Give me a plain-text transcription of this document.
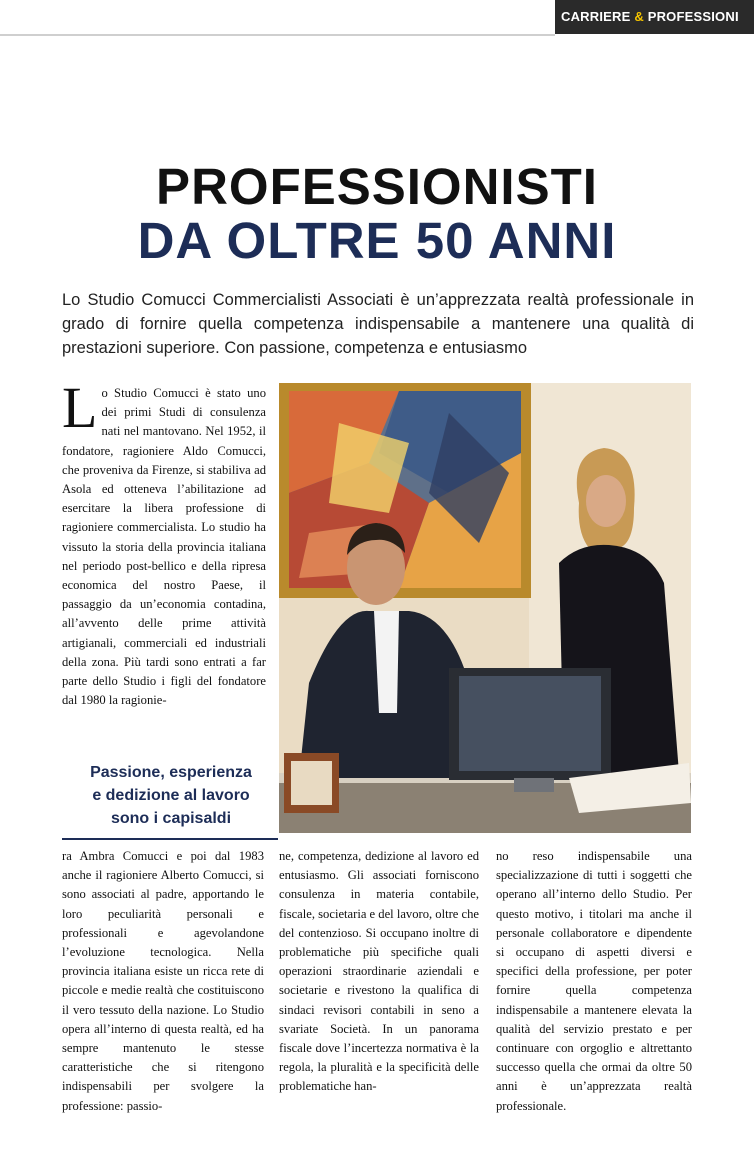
CARRIERE & PROFESSIONI
PROFESSIONISTI
DA OLTRE 50 ANNI

Lo Studio Comucci Commercialisti Associati è un’apprezzata realtà professionale in grado di fornire quella competenza indispensabile a mantenere una qualità di prestazioni superiore. Con passione, competenza e entusiasmo

L o Studio Comucci è stato uno dei primi Studi di consulenza nati nel mantovano. Nel 1952, il fondatore, ragioniere Aldo Comucci, che proveniva da Firenze, si stabiliva ad Asola ed otteneva l’abilitazione ad esercitare la libera professione di ragioniere commercialista. Lo studio ha vissuto la storia della provincia italiana nel periodo post-bellico e della ripresa economica del nostro Paese, il passaggio da un’economia contadina, all’avvento delle prime attività artigianali, commerciali ed industriali della zona. Più tardi sono entrati a far parte dello Studio i figli del fondatore dal 1980 la ragionie-

Passione, esperienza
e dedizione al lavoro
sono i capisaldi

ra Ambra Comucci e poi dal 1983 anche il ragioniere Alberto Comucci, si sono associati al padre, apportando le loro peculiarità personali e professionali e agevolandone l’evoluzione tecnologica. Nella provincia italiana esiste un ricca rete di piccole e medie realtà che costituiscono il vero tessuto della nazione. Lo Studio opera all’interno di questa realtà, ed ha sempre mantenuto le stesse caratteristiche che si ritengono indispensabili per svolgere la professione: passio-

ne, competenza, dedizione al lavoro ed entusiasmo. Gli associati forniscono consulenza in materia contabile, fiscale, societaria e del lavoro, oltre che del contenzioso. Si occupano inoltre di problematiche più specifiche quali operazioni straordinarie aziendali e societarie e rivestono la qualifica di sindaci revisori contabili in seno a svariate Società. In un panorama fiscale dove l’incertezza normativa è la regola, la pluralità e la specificità delle problematiche han-

no reso indispensabile una specializzazione di tutti i soggetti che operano all’interno dello Studio. Per questo motivo, i titolari ma anche il personale collaboratore e dipendente si occupano di aspetti diversi e specifici della professione, per poter fornire quella competenza indispensabile a mantenere elevata la qualità del servizio prestato e per continuare con orgoglio e altrettanto successo quella che ormai da oltre 50 anni è un’apprezzata realtà professionale.
